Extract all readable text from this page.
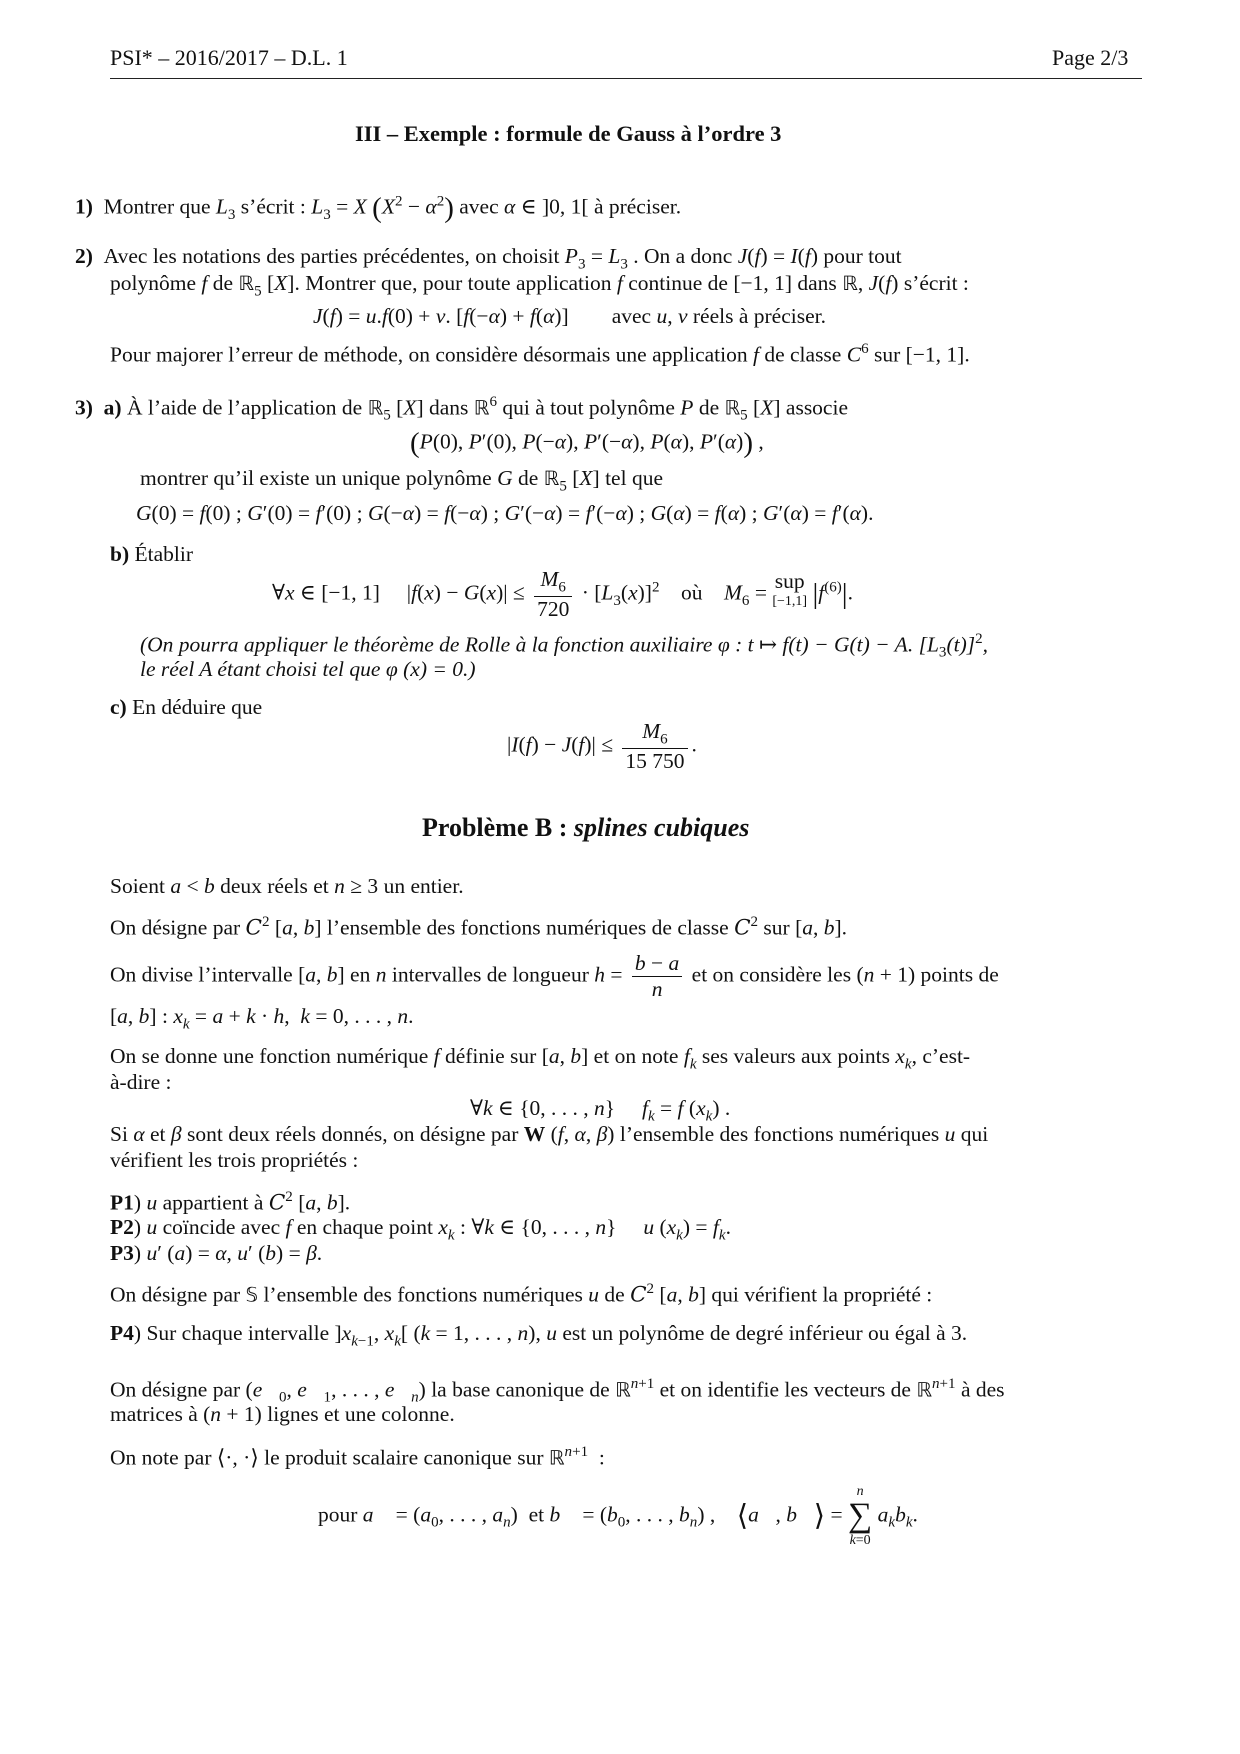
PSI* – 2016/2017 – D.L. 1	Page 2/3
III – Exemple : formule de Gauss à l’ordre 3
1) Montrer que $L_3$ s’écrit : $L_3 = X$ $(X^2 - \alpha^2)$ avec α ∈ ]0, 1[ à préciser.
2) Avec les notations des parties précédentes, on choisit $P_3 = L_3$ . On a donc J(f) = I(f) pour tout
polynôme f de ℝ$_5$ [X]. Montrer que, pour toute application f continue de [−1, 1] dans ℝ, J(f) s’écrit :
J(f) = u.f(0) + v. [f(−α) + f(α)]        avec u, v réels à préciser.
Pour majorer l’erreur de méthode, on considère désormais une application f de classe $C^6$ sur [−1, 1].
3) a) À l’aide de l’application de ℝ$_5$ [X] dans ℝ$^6$ qui à tout polynôme P de ℝ$_5$ [X] associe
(P(0), P′(0), P(−α), P′(−α), P(α), P′(α)) ,
montrer qu’il existe un unique polynôme G de ℝ$_5$ [X] tel que
G(0) = f(0) ; G′(0) = f′(0) ; G(−α) = f(−α) ; G′(−α) = f′(−α) ; G(α) = f(α) ; G′(α) = f′(α).
b) Établir
∀x ∈ [−1, 1]     $|f(x) - G(x)| \le \frac{M_6}{720} \cdot [L_3(x)]^2$ où $M_6$ = sup
[−1,1] $|f^{(6)}|$.
(On pourra appliquer le théorème de Rolle à la fonction auxiliaire φ : t ↦ f(t) − G(t) − A. $[L_3(t)]^2$,
le réel A étant choisi tel que φ (x) = 0.)
c) En déduire que
$|I(f) - J(f)| \le \frac{M_6}{15 750}$ .
Problème B : splines cubiques
Soient a < b deux réels et n ≥ 3 un entier.
On désigne par $C^2$ [a, b] l’ensemble des fonctions numériques de classe $C^2$ sur [a, b].
On divise l’intervalle [a, b] en n intervalles de longueur $h = \frac{b - a}{n}$ et on considère les (n + 1) points de
[a, b] : $x_k = a + k \cdot h$,  k = 0, . . . , n.
On se donne une fonction numérique f définie sur [a, b] et on note $f_k$ ses valeurs aux points $x_k$, c’est-
à-dire :
∀k ∈ {0, . . . , n}     $f_k = f$ $(x_k)$ .
Si α et β sont deux réels donnés, on désigne par W (f, α, β) l’ensemble des fonctions numériques u qui
vérifient les trois propriétés :
P1) u appartient à $C^2$ [a, b].
P2) u coïncide avec f en chaque point $x_k$ : ∀k ∈ {0, . . . , n}     u $(x_k) = f_k$.
P3) u′ (a) = α, u′ (b) = β.
On désigne par 𝕊 l’ensemble des fonctions numériques u de $C^2$ [a, b] qui vérifient la propriété :
P4) Sur chaque intervalle ]$x_{k-1}$, $x_k$[ (k = 1, . . . , n), u est un polynôme de degré inférieur ou égal à 3.
On désigne par ($e⃗_0$, $e⃗_1$, . . . , $e⃗_n$) la base canonique de ℝ$^{n+1}$ et on identifie les vecteurs de ℝ$^{n+1}$ à des
matrices à (n + 1) lignes et une colonne.
On note par ⟨·, ·⟩ le produit scalaire canonique sur ℝ$^{n+1}$  :
pour a⃗ = ($a_0$, . . . , $a_n$)  et b⃗ = ($b_0$, . . . , $b_n$) ,    ⟨a⃗, b⃗⟩ =
n
∑
k=0
$a_kb_k$.
